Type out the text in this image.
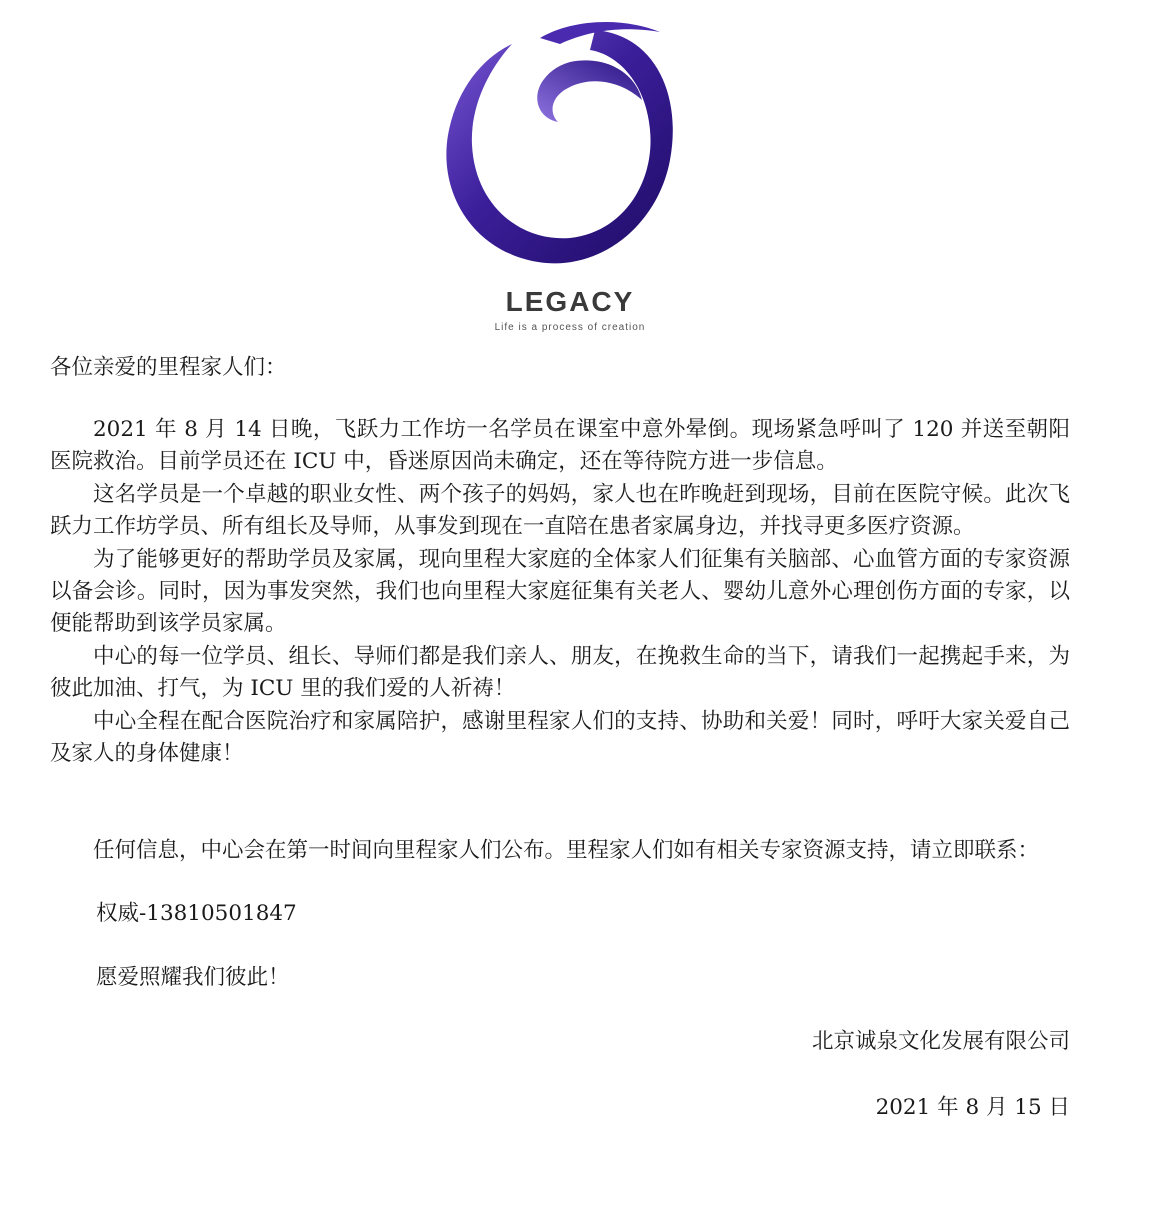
LEGACY
Life is a process of creation
各位亲爱的里程家人们：

2021 年 8 月 14 日晚，飞跃力工作坊一名学员在课室中意外晕倒。现场紧急呼叫了 120 并送至朝阳医院救治。目前学员还在 ICU 中，昏迷原因尚未确定，还在等待院方进一步信息。

这名学员是一个卓越的职业女性、两个孩子的妈妈，家人也在昨晚赶到现场，目前在医院守候。此次飞跃力工作坊学员、所有组长及导师，从事发到现在一直陪在患者家属身边，并找寻更多医疗资源。

为了能够更好的帮助学员及家属，现向里程大家庭的全体家人们征集有关脑部、心血管方面的专家资源以备会诊。同时，因为事发突然，我们也向里程大家庭征集有关老人、婴幼儿意外心理创伤方面的专家，以便能帮助到该学员家属。

中心的每一位学员、组长、导师们都是我们亲人、朋友，在挽救生命的当下，请我们一起携起手来，为彼此加油、打气，为 ICU 里的我们爱的人祈祷！

中心全程在配合医院治疗和家属陪护，感谢里程家人们的支持、协助和关爱！同时，呼吁大家关爱自己及家人的身体健康！

任何信息，中心会在第一时间向里程家人们公布。里程家人们如有相关专家资源支持，请立即联系：

权威-13810501847
愿爱照耀我们彼此！
北京诚泉文化发展有限公司
2021 年 8 月 15 日
